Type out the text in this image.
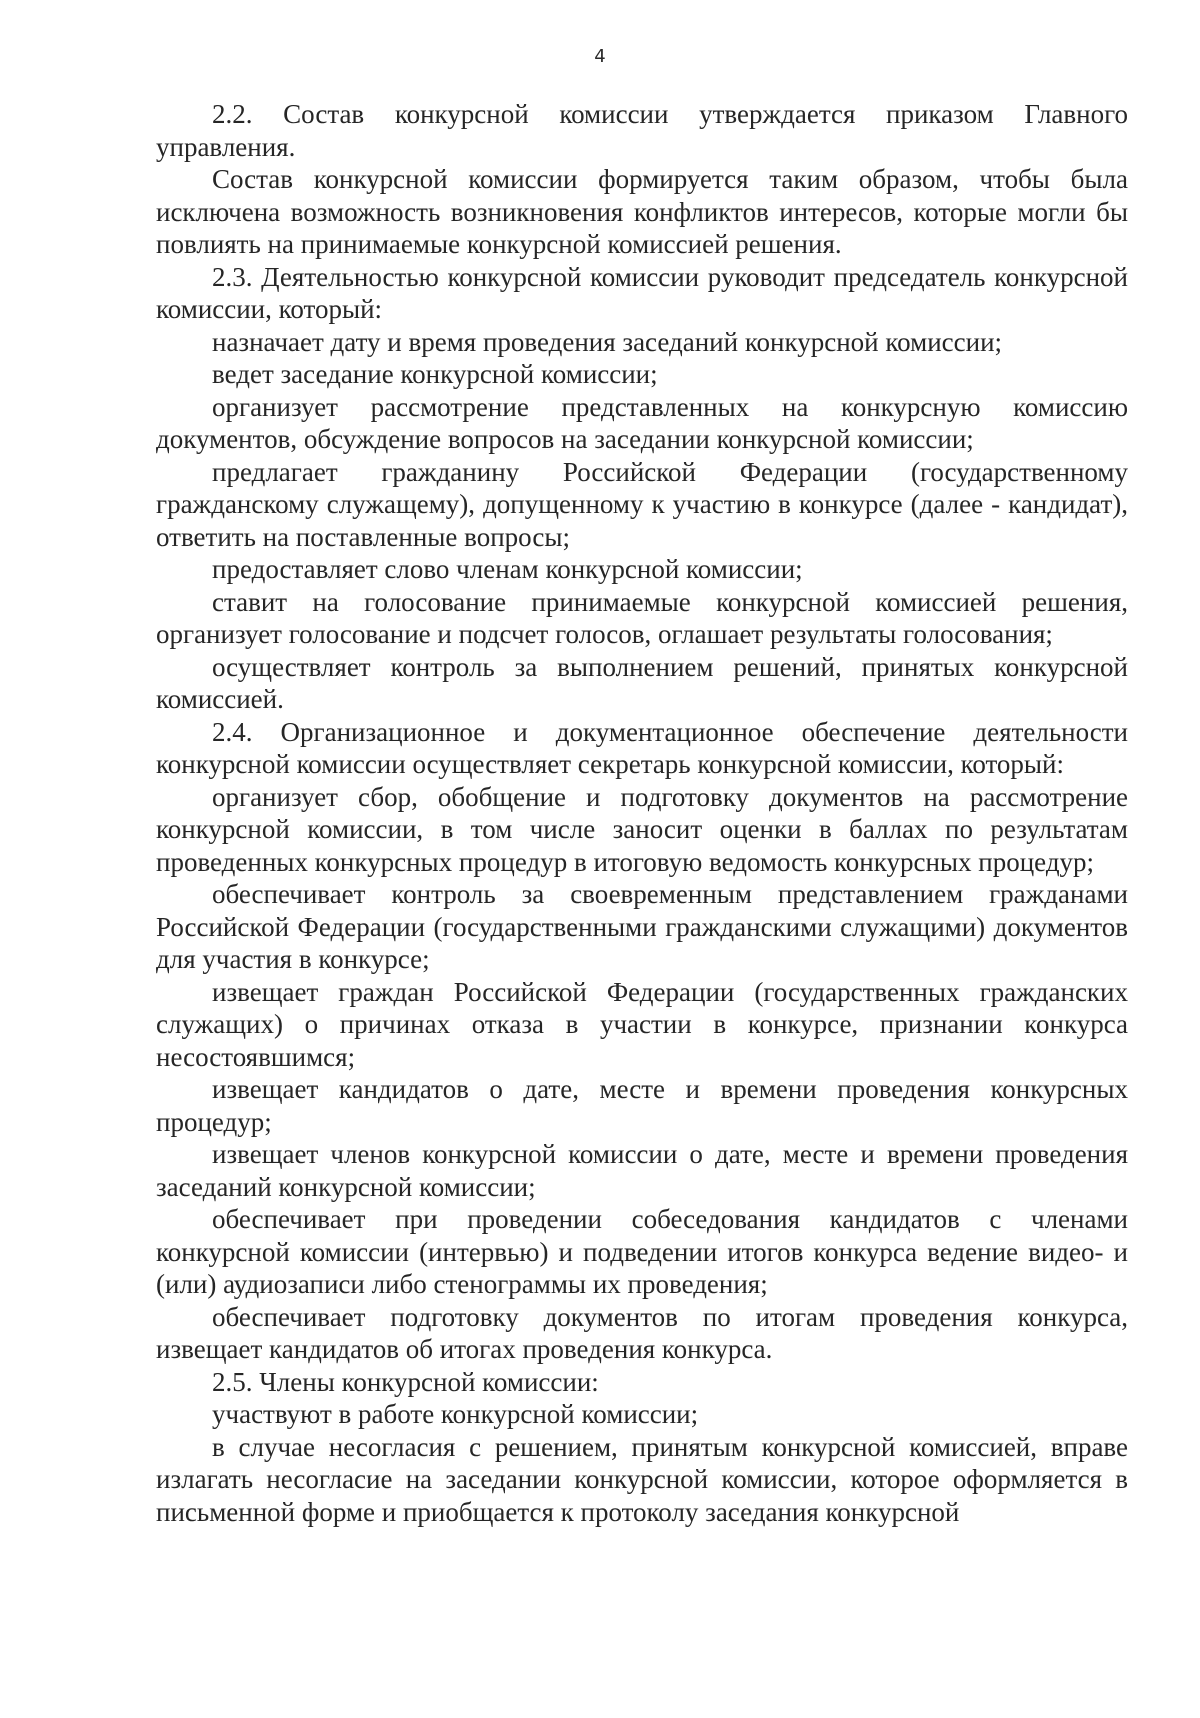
4

2.2. Состав конкурсной комиссии утверждается приказом Главного управления.

Состав конкурсной комиссии формируется таким образом, чтобы была исключена возможность возникновения конфликтов интересов, которые могли бы повлиять на принимаемые конкурсной комиссией решения.

2.3. Деятельностью конкурсной комиссии руководит председатель конкурсной комиссии, который:

назначает дату и время проведения заседаний конкурсной комиссии;

ведет заседание конкурсной комиссии;

организует рассмотрение представленных на конкурсную комиссию документов, обсуждение вопросов на заседании конкурсной комиссии;

предлагает гражданину Российской Федерации (государственному гражданскому служащему), допущенному к участию в конкурсе (далее - кандидат), ответить на поставленные вопросы;

предоставляет слово членам конкурсной комиссии;

ставит на голосование принимаемые конкурсной комиссией решения, организует голосование и подсчет голосов, оглашает результаты голосования;

осуществляет контроль за выполнением решений, принятых конкурсной комиссией.

2.4. Организационное и документационное обеспечение деятельности конкурсной комиссии осуществляет секретарь конкурсной комиссии, который:

организует сбор, обобщение и подготовку документов на рассмотрение конкурсной комиссии, в том числе заносит оценки в баллах по результатам проведенных конкурсных процедур в итоговую ведомость конкурсных процедур;

обеспечивает контроль за своевременным представлением гражданами Российской Федерации (государственными гражданскими служащими) документов для участия в конкурсе;

извещает граждан Российской Федерации (государственных гражданских служащих) о причинах отказа в участии в конкурсе, признании конкурса несостоявшимся;

извещает кандидатов о дате, месте и времени проведения конкурсных процедур;

извещает членов конкурсной комиссии о дате, месте и времени проведения заседаний конкурсной комиссии;

обеспечивает при проведении собеседования кандидатов с членами конкурсной комиссии (интервью) и подведении итогов конкурса ведение видео- и (или) аудиозаписи либо стенограммы их проведения;

обеспечивает подготовку документов по итогам проведения конкурса, извещает кандидатов об итогах проведения конкурса.

2.5. Члены конкурсной комиссии:

участвуют в работе конкурсной комиссии;

в случае несогласия с решением, принятым конкурсной комиссией, вправе излагать несогласие на заседании конкурсной комиссии, которое оформляется в письменной форме и приобщается к протоколу заседания конкурсной
